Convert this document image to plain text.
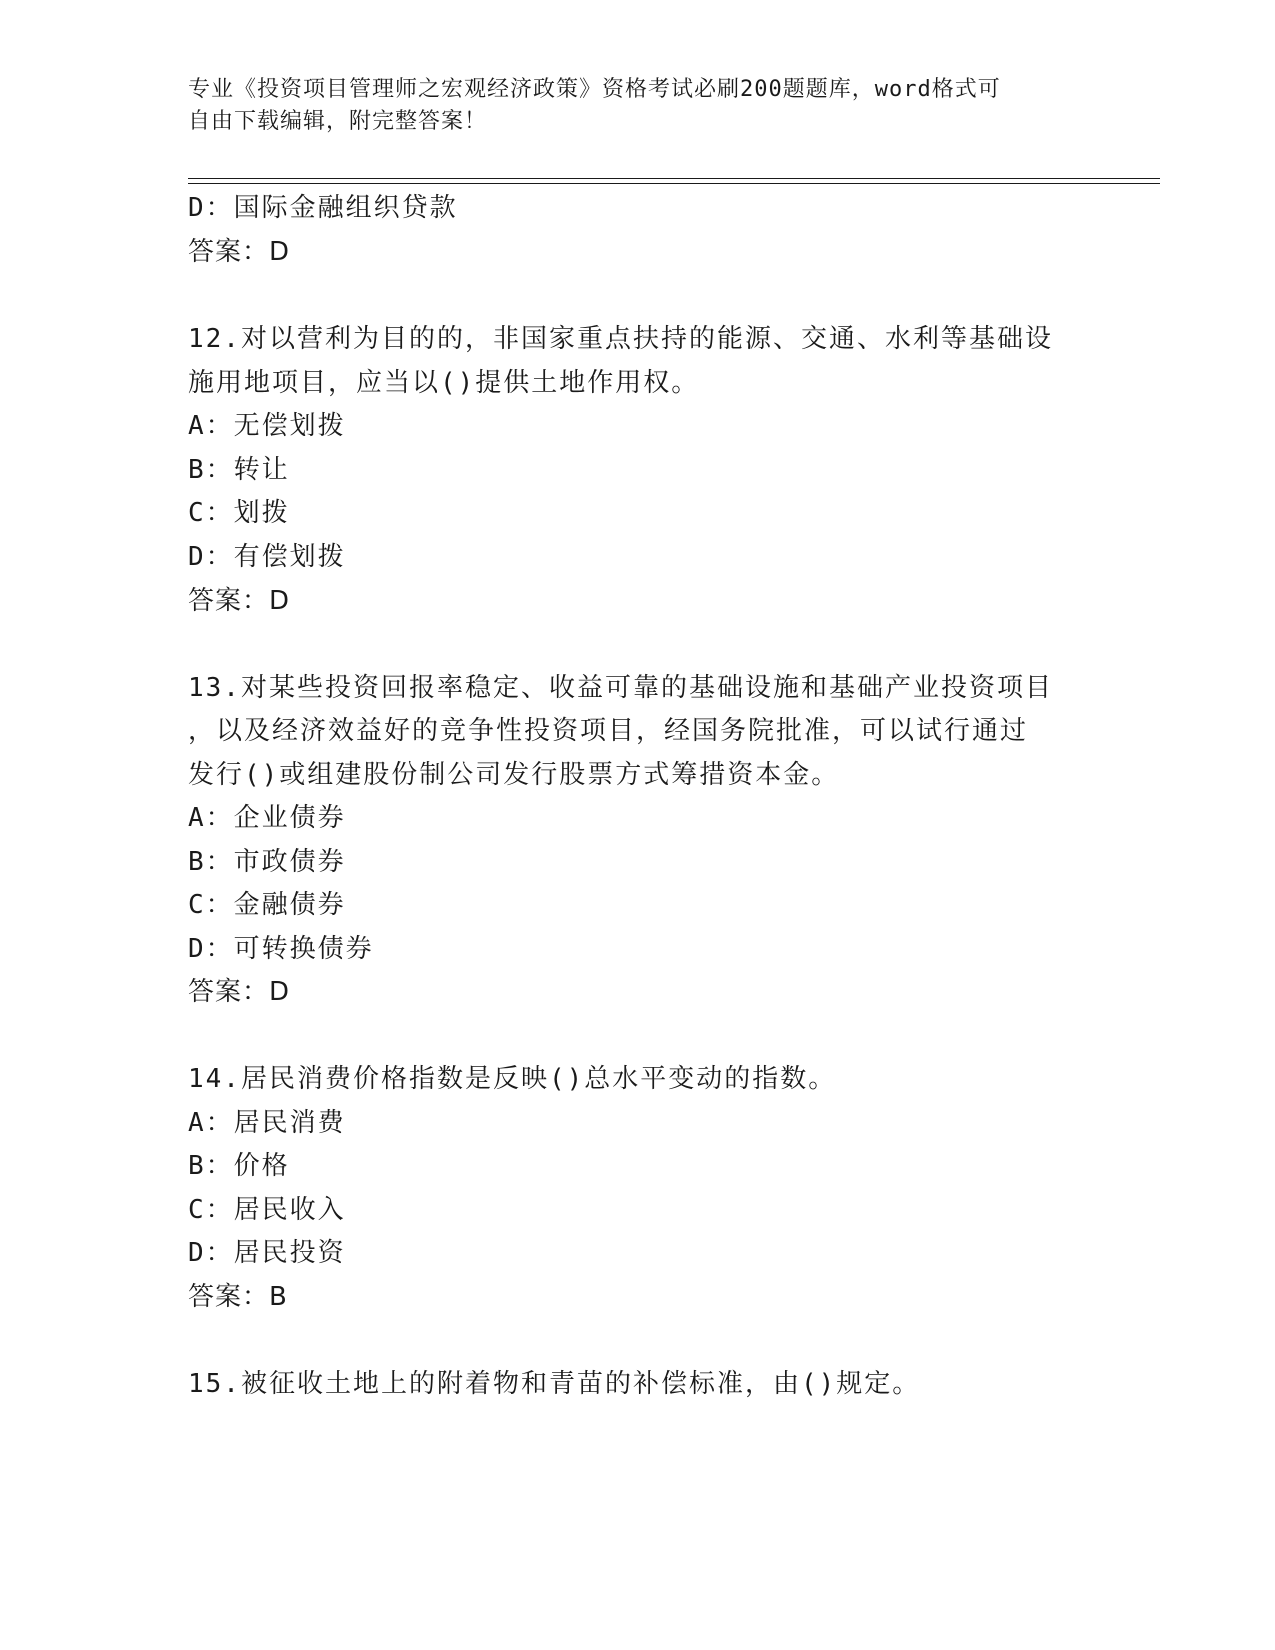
专业《投资项目管理师之宏观经济政策》资格考试必刷200题题库，word格式可
自由下载编辑，附完整答案！
D：国际金融组织贷款
答案：D
12.对以营利为目的的，非国家重点扶持的能源、交通、水利等基础设
施用地项目，应当以()提供土地作用权。
A：无偿划拨
B：转让
C：划拨
D：有偿划拨
答案：D
13.对某些投资回报率稳定、收益可靠的基础设施和基础产业投资项目
，以及经济效益好的竞争性投资项目，经国务院批准，可以试行通过
发行()或组建股份制公司发行股票方式筹措资本金。
A：企业债券
B：市政债券
C：金融债券
D：可转换债券
答案：D
14.居民消费价格指数是反映()总水平变动的指数。
A：居民消费
B：价格
C：居民收入
D：居民投资
答案：B
15.被征收土地上的附着物和青苗的补偿标准，由()规定。
